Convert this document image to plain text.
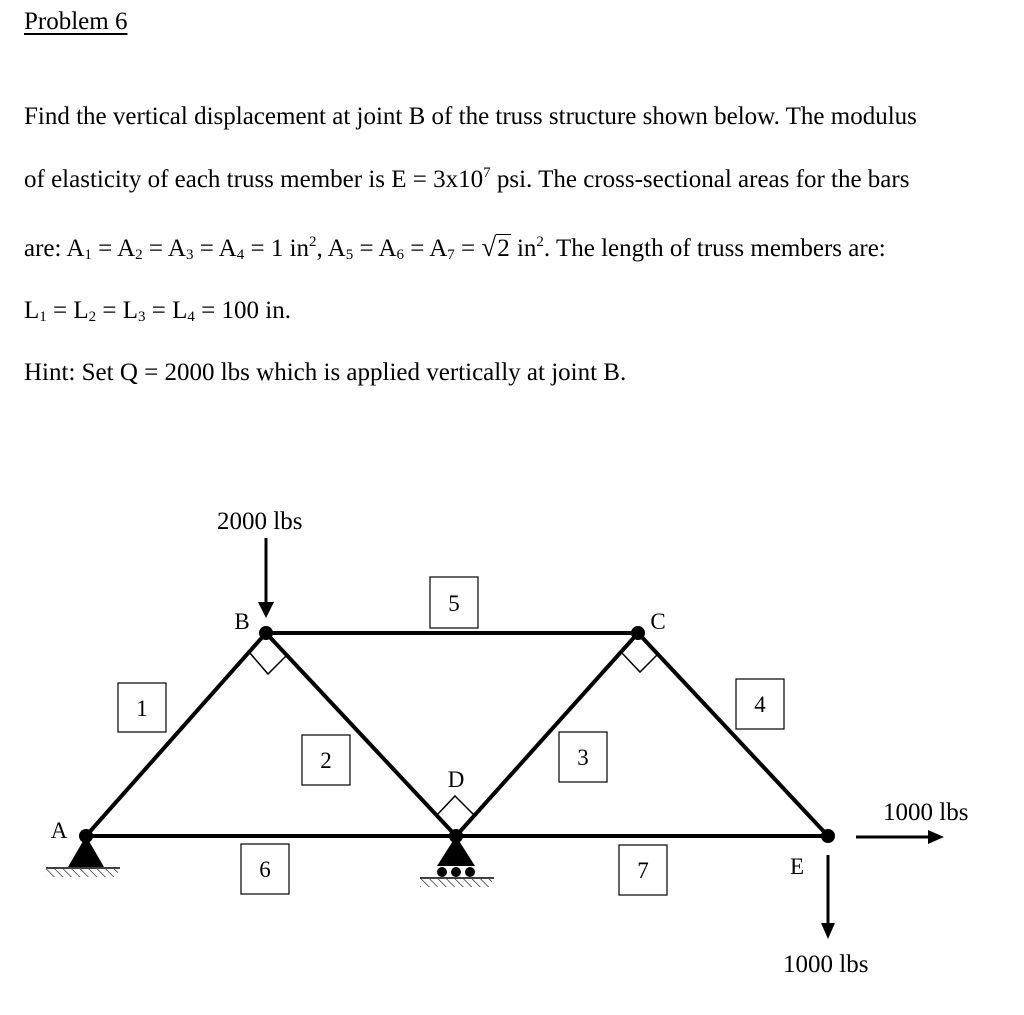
Problem 6
Find the vertical displacement at joint B of the truss structure shown below. The modulus
of elasticity of each truss member is $E = 3x10^7$ psi. The cross-sectional areas for the bars
are: $A_1 = A_2 = A_3 = A_4 = 1$ $in^2$, $A_5 = A_6 = A_7 = √2$ $in^2$. The length of truss members are:
$L_1 = L_2 = L_3 = L_4 = 100$ in.
Hint: Set Q = 2000 lbs which is applied vertically at joint B.
1
2	3
4
5
6	7
A
B	C
D
E
2000 lbs
1000 lbs
1000 lbs
